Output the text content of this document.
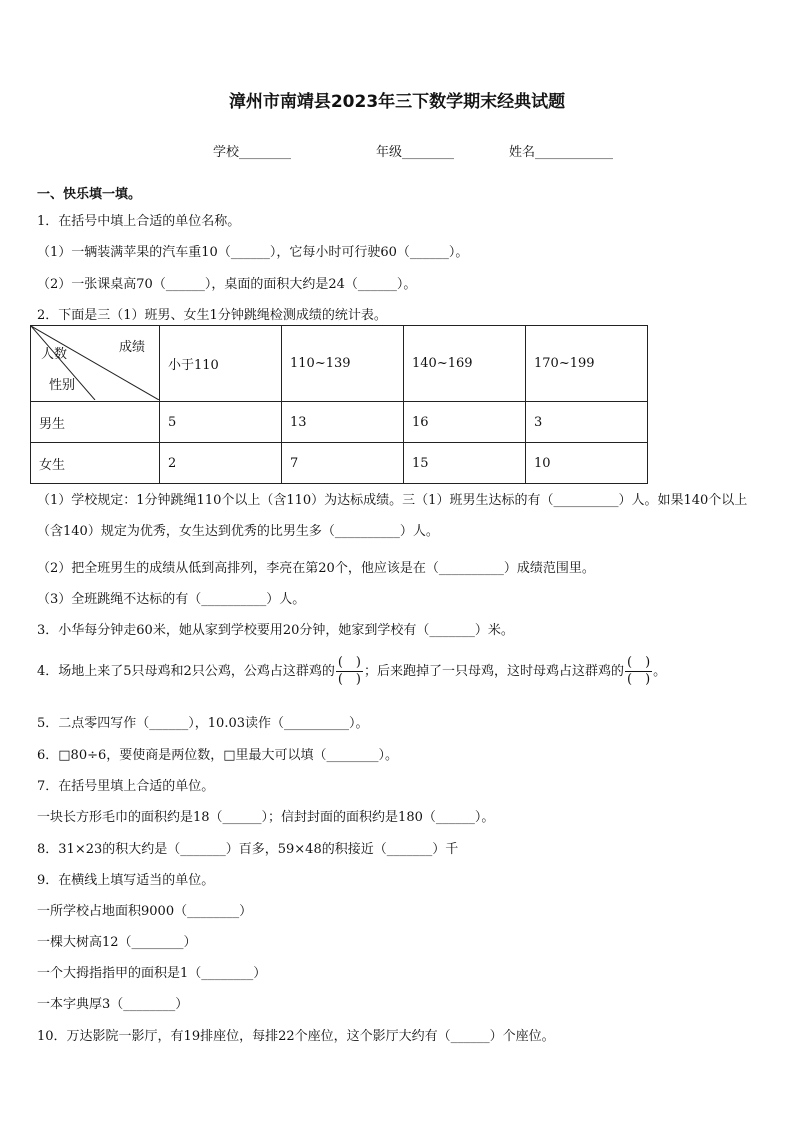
漳州市南靖县2023年三下数学期末经典试题
学校________	年级________	姓名____________
一、快乐填一填。
1．在括号中填上合适的单位名称。
（1）一辆装满苹果的汽车重10（______），它每小时可行驶60（______）。
（2）一张课桌高70（______），桌面的面积大约是24（______）。
2．下面是三（1）班男、女生1分钟跳绳检测成绩的统计表。
成绩
人数
性别	小于110	110~139	140~169	170~199
男生	5	13	16	3
女生	2	7	15	10
（1）学校规定：1分钟跳绳110个以上（含110）为达标成绩。三（1）班男生达标的有（__________）人。如果140个以上（含140）规定为优秀，女生达到优秀的比男生多（__________）人。
（2）把全班男生的成绩从低到高排列，李亮在第20个，他应该是在（__________）成绩范围里。
（3）全班跳绳不达标的有（__________）人。
3．小华每分钟走60米，她从家到学校要用20分钟，她家到学校有（_______）米。
4．场地上来了5只母鸡和2只公鸡，公鸡占这群鸡的 $\frac{( )}{( )}$ ；后来跑掉了一只母鸡，这时母鸡占这群鸡的 $\frac{( )}{( )}$ 。
5．二点零四写作（______），10.03读作（__________）。
6．□80÷6，要使商是两位数，□里最大可以填（________）。
7．在括号里填上合适的单位。
一块长方形毛巾的面积约是18（______）；信封封面的面积约是180（______）。
8．31×23的积大约是（_______）百多，59×48的积接近（_______）千
9．在横线上填写适当的单位。
一所学校占地面积9000（________）
一棵大树高12（________）
一个大拇指指甲的面积是1（________）
一本字典厚3（________）
10．万达影院一影厅，有19排座位，每排22个座位，这个影厅大约有（______）个座位。
